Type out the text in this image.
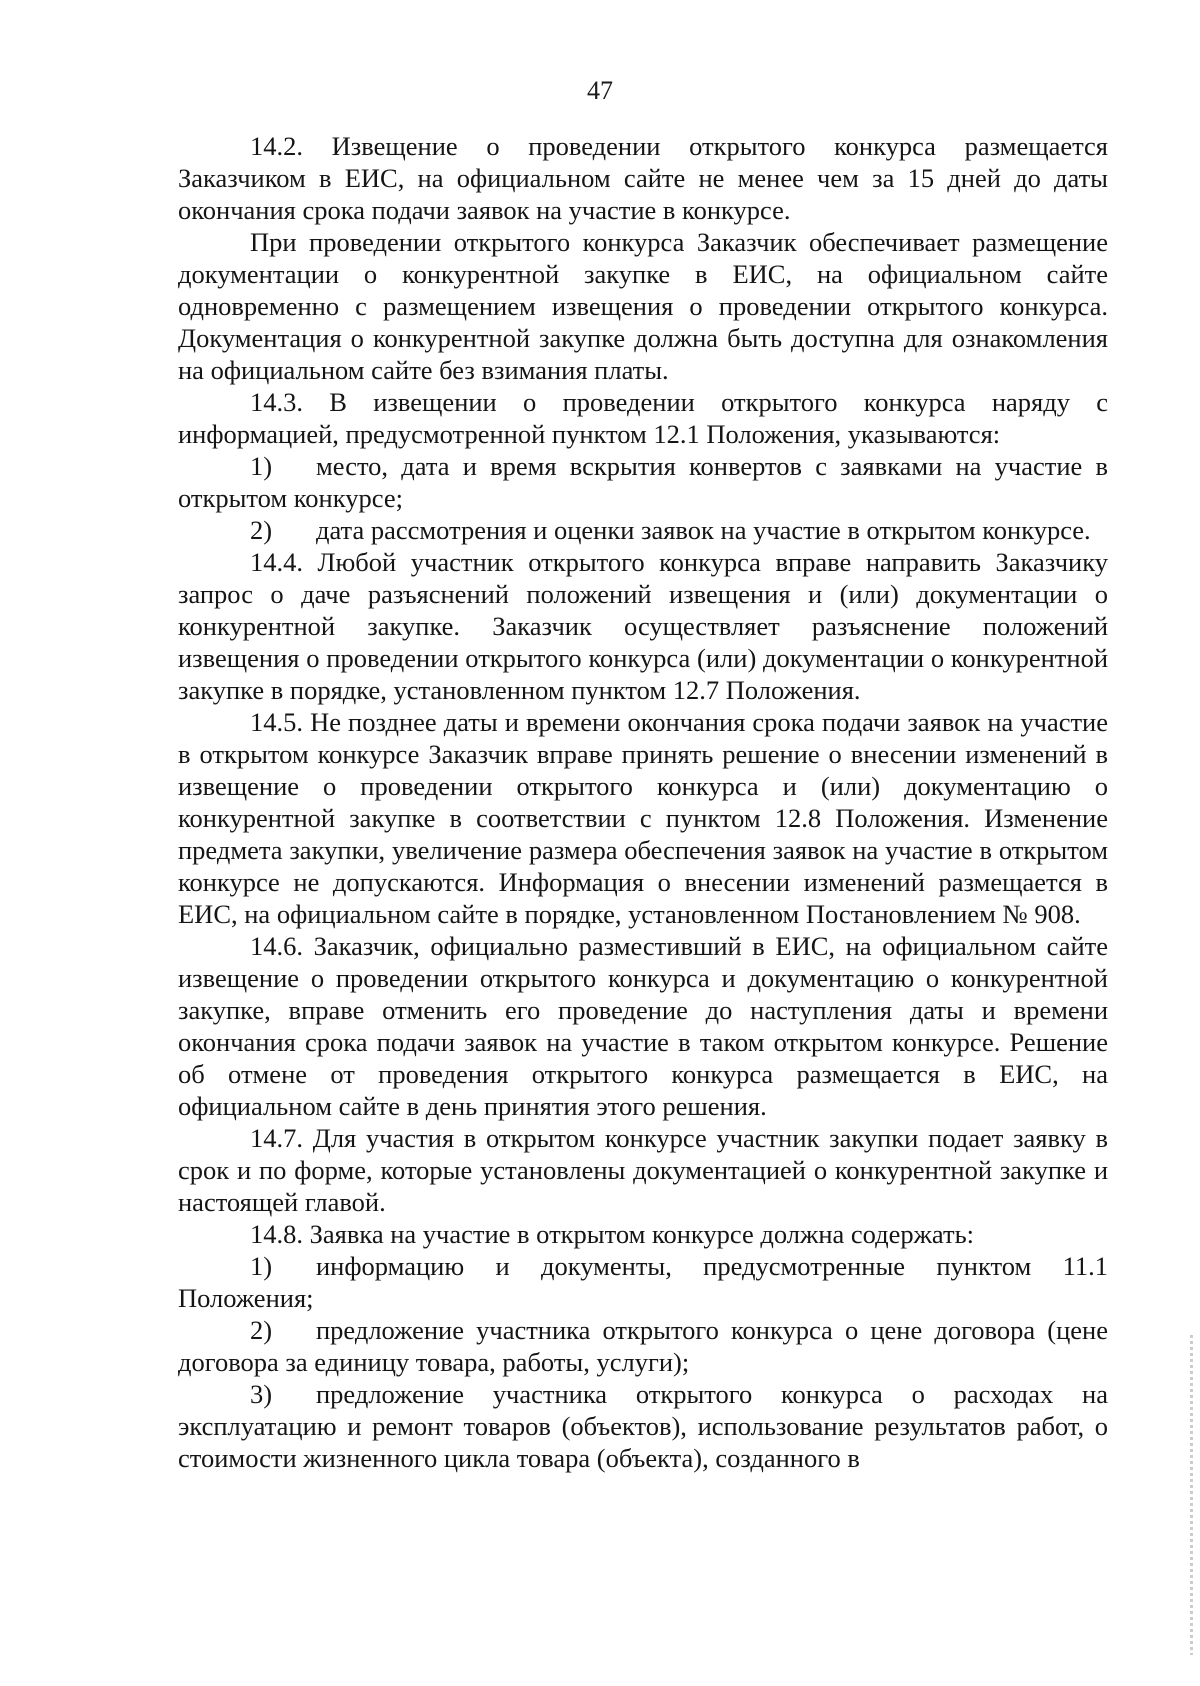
47

14.2. Извещение о проведении открытого конкурса размещается Заказчиком в ЕИС, на официальном сайте не менее чем за 15 дней до даты окончания срока подачи заявок на участие в конкурсе.

При проведении открытого конкурса Заказчик обеспечивает размещение документации о конкурентной закупке в ЕИС, на официальном сайте одновременно с размещением извещения о проведении открытого конкурса. Документация о конкурентной закупке должна быть доступна для ознакомления на официальном сайте без взимания платы.

14.3. В извещении о проведении открытого конкурса наряду с информацией, предусмотренной пунктом 12.1 Положения, указываются:

1) место, дата и время вскрытия конвертов с заявками на участие в открытом конкурсе;

2) дата рассмотрения и оценки заявок на участие в открытом конкурсе.

14.4. Любой участник открытого конкурса вправе направить Заказчику запрос о даче разъяснений положений извещения и (или) документации о конкурентной закупке. Заказчик осуществляет разъяснение положений извещения о проведении открытого конкурса (или) документации о конкурентной закупке в порядке, установленном пунктом 12.7 Положения.

14.5. Не позднее даты и времени окончания срока подачи заявок на участие в открытом конкурсе Заказчик вправе принять решение о внесении изменений в извещение о проведении открытого конкурса и (или) документацию о конкурентной закупке в соответствии с пунктом 12.8 Положения. Изменение предмета закупки, увеличение размера обеспечения заявок на участие в открытом конкурсе не допускаются. Информация о внесении изменений размещается в ЕИС, на официальном сайте в порядке, установленном Постановлением № 908.

14.6. Заказчик, официально разместивший в ЕИС, на официальном сайте извещение о проведении открытого конкурса и документацию о конкурентной закупке, вправе отменить его проведение до наступления даты и времени окончания срока подачи заявок на участие в таком открытом конкурсе. Решение об отмене от проведения открытого конкурса размещается в ЕИС, на официальном сайте в день принятия этого решения.

14.7. Для участия в открытом конкурсе участник закупки подает заявку в срок и по форме, которые установлены документацией о конкурентной закупке и настоящей главой.

14.8. Заявка на участие в открытом конкурсе должна содержать:

1) информацию и документы, предусмотренные пунктом 11.1 Положения;

2) предложение участника открытого конкурса о цене договора (цене договора за единицу товара, работы, услуги);

3) предложение участника открытого конкурса о расходах на эксплуатацию и ремонт товаров (объектов), использование результатов работ, о стоимости жизненного цикла товара (объекта), созданного в
